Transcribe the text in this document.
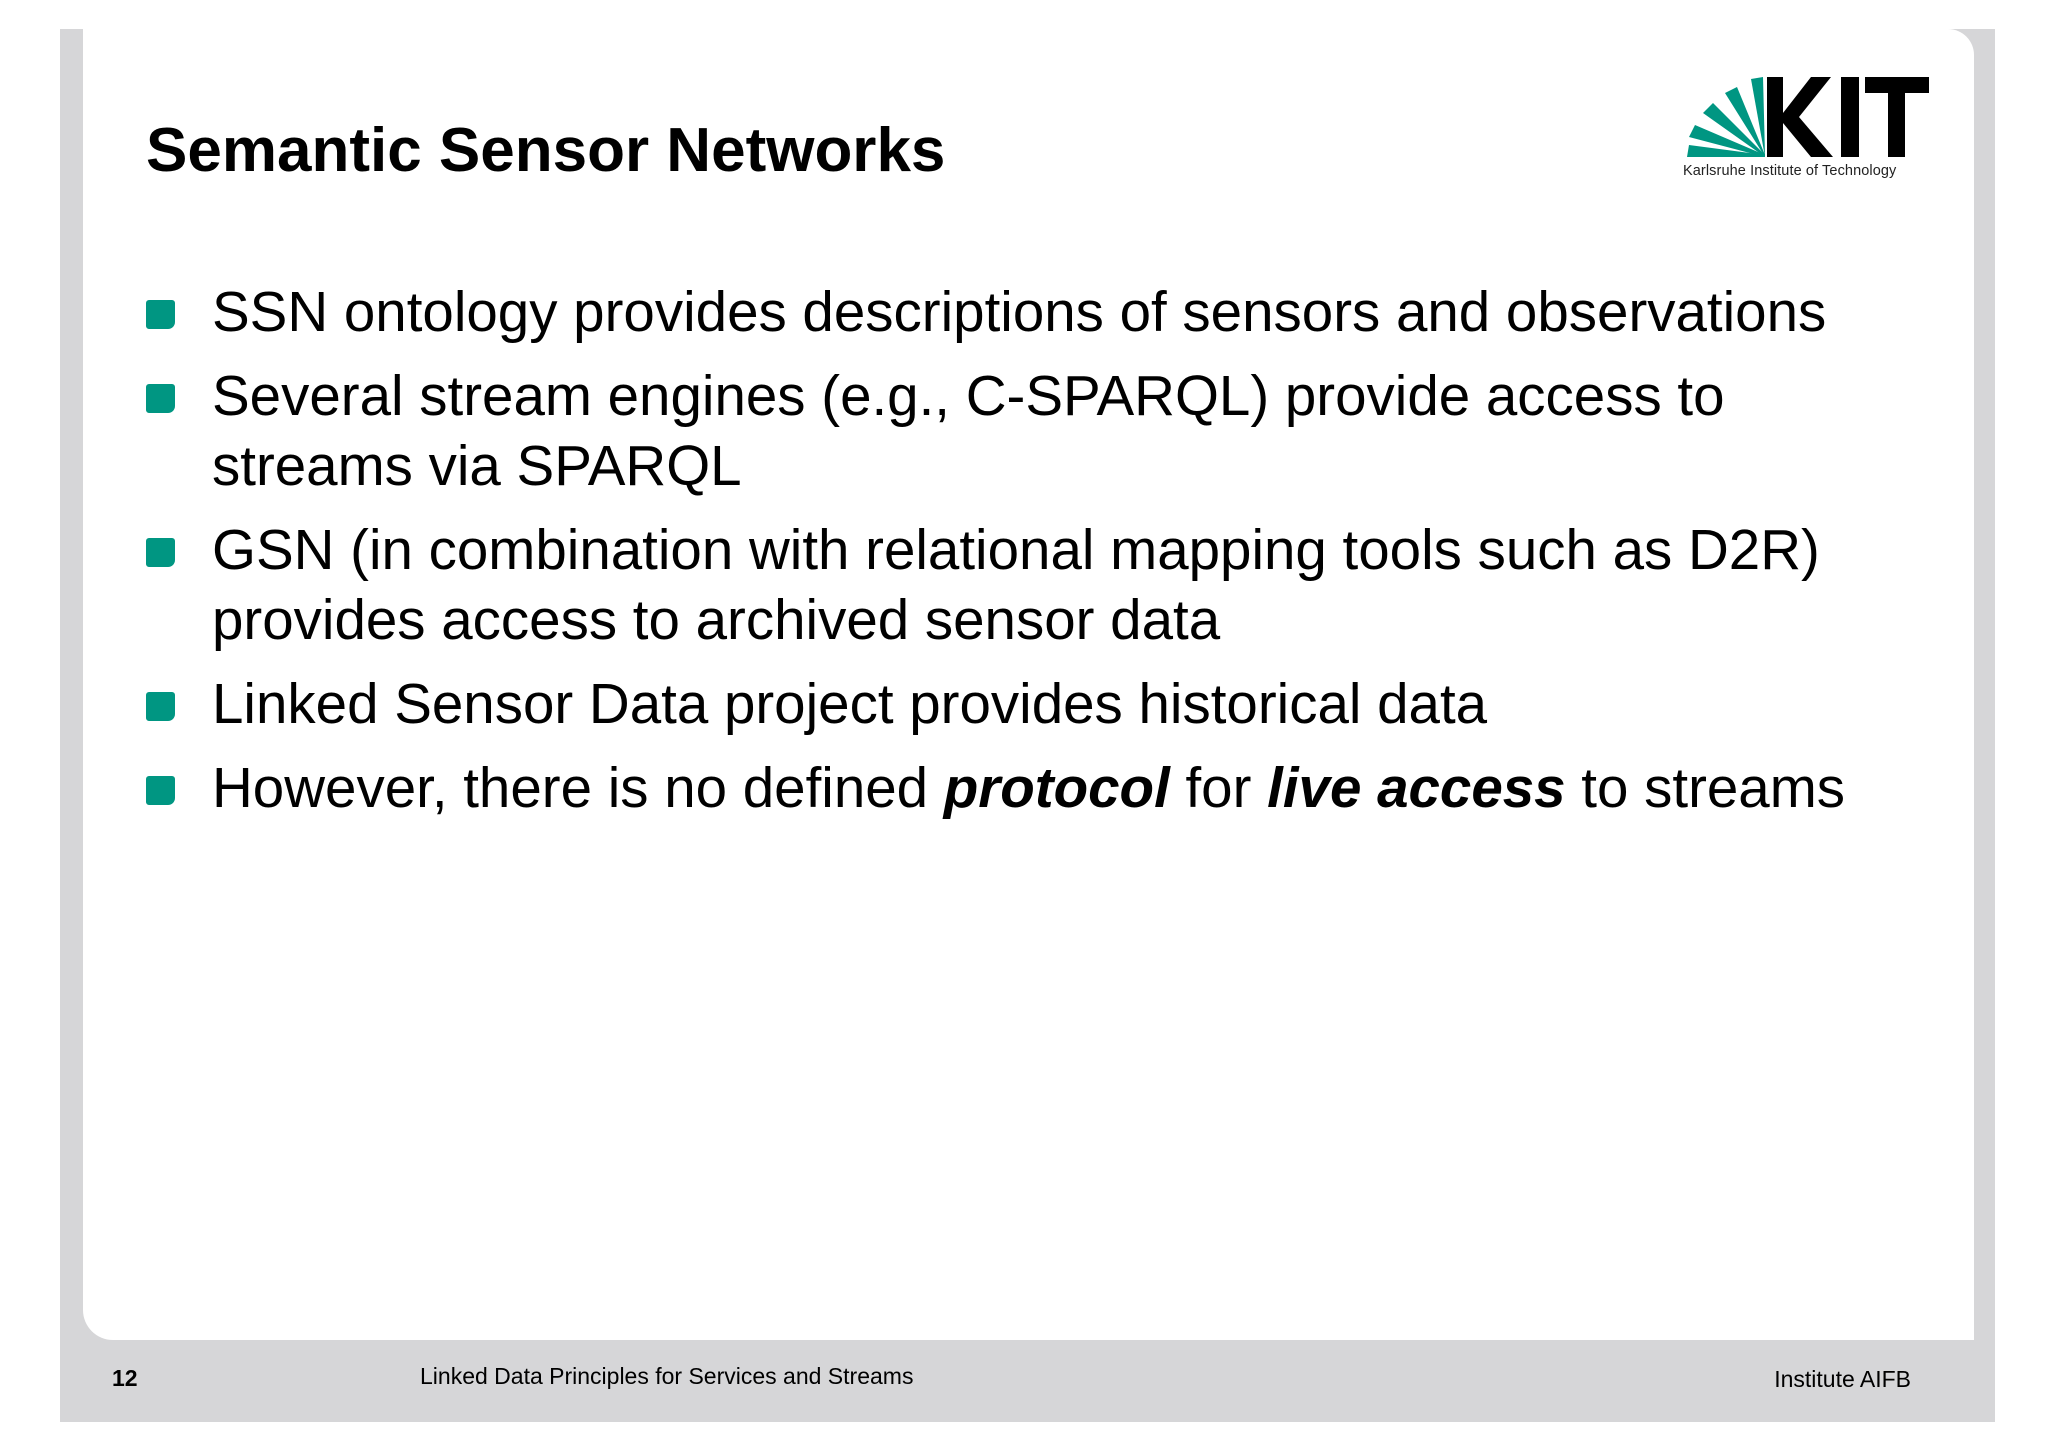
Semantic Sensor Networks	Karlsruhe Institute of Technology
SSN ontology provides descriptions of sensors and observations
Several stream engines (e.g., C-SPARQL) provide access to streams via SPARQL
GSN (in combination with relational mapping tools such as D2R) provides access to archived sensor data
Linked Sensor Data project provides historical data
However, there is no defined protocol for live access to streams
12	Linked Data Principles for Services and Streams	Institute AIFB
